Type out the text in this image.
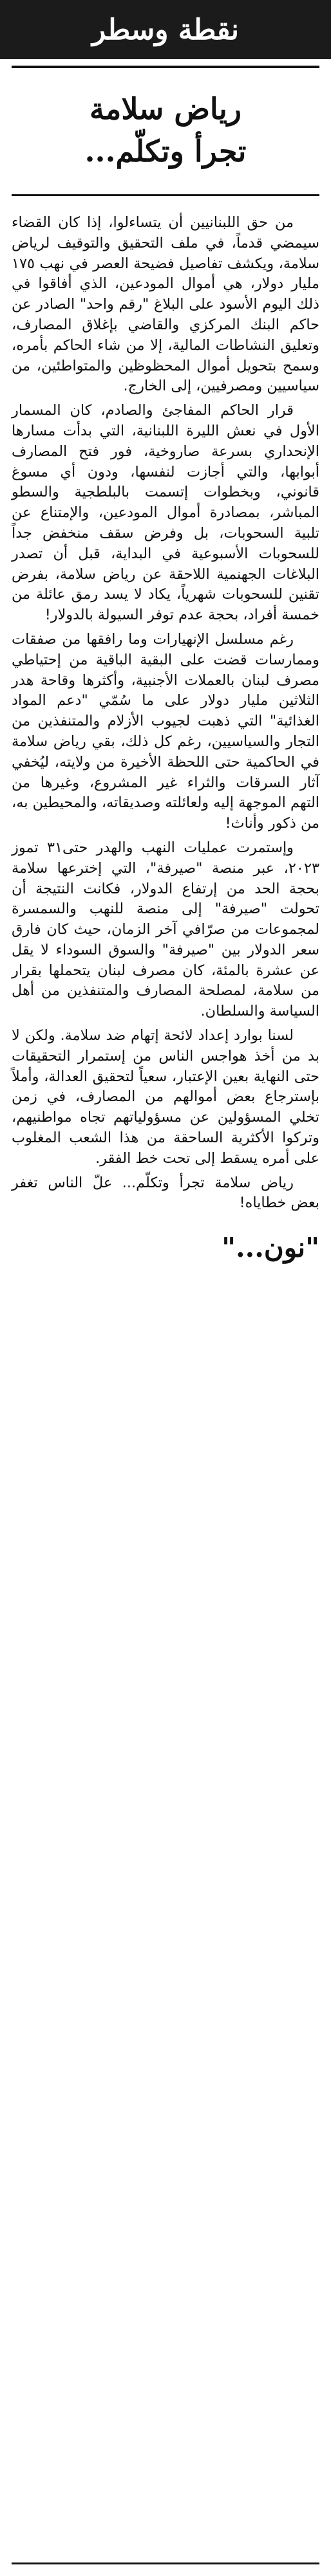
نقطة وسطر
رياض سلامة
تجرأ وتكلّم...

من حق اللبنانيين أن يتساءلوا، إذا كان القضاء سيمضي قدماً، في ملف التحقيق والتوقيف لرياض سلامة، ويكشف تفاصيل فضيحة العصر في نهب ١٧٥ مليار دولار، هي أموال المودعين، الذي أفاقوا في ذلك اليوم الأسود على البلاغ "رقم واحد" الصادر عن حاكم البنك المركزي والقاضي بإغلاق المصارف، وتعليق النشاطات المالية، إلا من شاء الحاكم بأمره، وسمح بتحويل أموال المحظوظين والمتواطئين، من سياسيين ومصرفيين، إلى الخارج.

قرار الحاكم المفاجئ والصادم، كان المسمار الأول في نعش الليرة اللبنانية، التي بدأت مسارها الإنحداري بسرعة صاروخية، فور فتح المصارف أبوابها، والتي أجازت لنفسها، ودون أي مسوغ قانوني، وبخطوات إتسمت بالبلطجية والسطو المباشر، بمصادرة أموال المودعين، والإمتناع عن تلبية السحوبات، بل وفرض سقف منخفض جداً للسحوبات الأسبوعية في البداية، قبل أن تصدر البلاغات الجهنمية اللاحقة عن رياض سلامة، بفرض تقنين للسحوبات شهرياً، يكاد لا يسد رمق عائلة من خمسة أفراد، بحجة عدم توفر السيولة بالدولار!

رغم مسلسل الإنهيارات وما رافقها من صفقات وممارسات قضت على البقية الباقية من إحتياطي مصرف لبنان بالعملات الأجنبية، وأكثرها وقاحة هدر الثلاثين مليار دولار على ما سُمّي "دعم المواد الغذائية" التي ذهبت لجيوب الأزلام والمتنفذين من التجار والسياسيين، رغم كل ذلك، بقي رياض سلامة في الحاكمية حتى اللحظة الأخيرة من ولايته، ليُخفي آثار السرقات والثراء غير المشروع، وغيرها من التهم الموجهة إليه ولعائلته وصديقاته، والمحيطين به، من ذكور وأناث!

وإستمرت عمليات النهب والهدر حتى٣١ تموز ٢٠٢٣، عبر منصة "صيرفة"، التي إخترعها سلامة بحجة الحد من إرتفاع الدولار، فكانت النتيجة أن تحولت "صيرفة" إلى منصة للنهب والسمسرة لمجموعات من صرّافي آخر الزمان، حيث كان فارق سعر الدولار بين "صيرفة" والسوق السوداء لا يقل عن عشرة بالمئة، كان مصرف لبنان يتحملها بقرار من سلامة، لمصلحة المصارف والمتنفذين من أهل السياسة والسلطان.

لسنا بوارد إعداد لائحة إتهام ضد سلامة. ولكن لا بد من أخذ هواجس الناس من إستمرار التحقيقات حتى النهاية بعين الإعتبار، سعياً لتحقيق العدالة، وأملاً بإسترجاع بعض أموالهم من المصارف، في زمن تخلي المسؤولين عن مسؤولياتهم تجاه مواطنيهم، وتركوا الأكثرية الساحقة من هذا الشعب المغلوب على أمره يسقط إلى تحت خط الفقر.

رياض سلامة تجرأ وتكلّم... علّ الناس تغفر بعض خطاياه!

"نون..."
